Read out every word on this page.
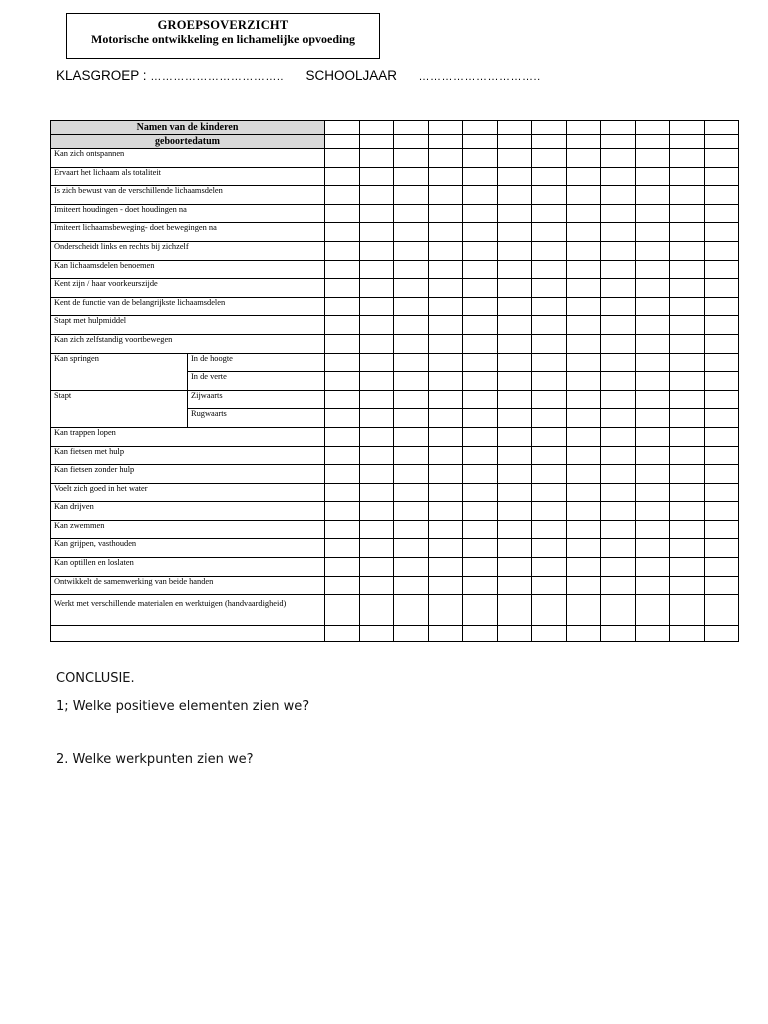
GROEPSOVERZICHT
Motorische ontwikkeling en lichamelijke opvoeding
KLASGROEP : …………………………….. SCHOOLJAAR …………………………..
Namen van de kinderen													
geboortedatum													
Kan zich ontspannen													
Ervaart het lichaam als totaliteit													
Is zich bewust van de verschillende lichaamsdelen													
Imiteert houdingen - doet houdingen na													
Imiteert lichaamsbeweging- doet bewegingen na													
Onderscheidt links en rechts bij zichzelf													
Kan lichaamsdelen benoemen													
Kent zijn / haar voorkeurszijde													
Kent de functie van de belangrijkste lichaamsdelen													
Stapt met hulpmiddel													
Kan zich zelfstandig voortbewegen													
Kan springen	In de hoogte												
	In de verte												
Stapt	Zijwaarts												
	Rugwaarts												
Kan trappen lopen													
Kan fietsen met hulp													
Kan fietsen zonder hulp													
Voelt zich goed in het water													
Kan drijven													
Kan zwemmen													
Kan grijpen, vasthouden													
Kan optillen en loslaten													
Ontwikkelt de samenwerking van beide handen													
Werkt met verschillende materialen en werktuigen (handvaardigheid)													

CONCLUSIE.
1; Welke positieve elementen zien we?
2. Welke werkpunten zien we?
